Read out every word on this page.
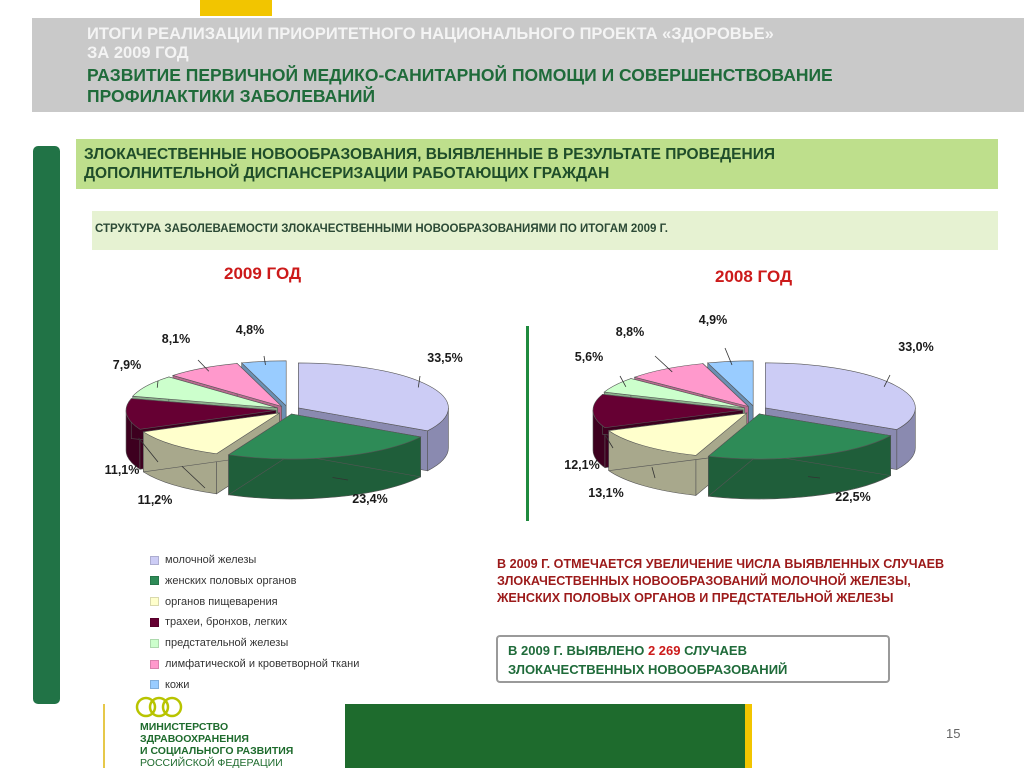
ИТОГИ РЕАЛИЗАЦИИ ПРИОРИТЕТНОГО НАЦИОНАЛЬНОГО ПРОЕКТА «ЗДОРОВЬЕ»
ЗА 2009 ГОД
РАЗВИТИЕ ПЕРВИЧНОЙ МЕДИКО-САНИТАРНОЙ ПОМОЩИ И СОВЕРШЕНСТВОВАНИЕ
ПРОФИЛАКТИКИ ЗАБОЛЕВАНИЙ
ЗЛОКАЧЕСТВЕННЫЕ НОВООБРАЗОВАНИЯ, ВЫЯВЛЕННЫЕ В РЕЗУЛЬТАТЕ ПРОВЕДЕНИЯ
ДОПОЛНИТЕЛЬНОЙ ДИСПАНСЕРИЗАЦИИ РАБОТАЮЩИХ ГРАЖДАН
СТРУКТУРА ЗАБОЛЕВАЕМОСТИ ЗЛОКАЧЕСТВЕННЫМИ НОВООБРАЗОВАНИЯМИ ПО ИТОГАМ 2009 Г.
2009 ГОД	2008 ГОД
33,5%
23,4%
11,2%
11,1%
7,9%
8,1%
4,8%
33,0%
22,5%
13,1%
12,1%
5,6%
8,8%
4,9%
молочной железы
женских половых органов
органов пищеварения
трахеи, бронхов, легких
предстательной железы
лимфатической и кроветворной ткани
кожи
В 2009 Г. ОТМЕЧАЕТСЯ УВЕЛИЧЕНИЕ ЧИСЛА ВЫЯВЛЕННЫХ СЛУЧАЕВ ЗЛОКАЧЕСТВЕННЫХ НОВООБРАЗОВАНИЙ МОЛОЧНОЙ ЖЕЛЕЗЫ, ЖЕНСКИХ ПОЛОВЫХ ОРГАНОВ И ПРЕДСТАТЕЛЬНОЙ ЖЕЛЕЗЫ
В 2009 Г. ВЫЯВЛЕНО 2 269 СЛУЧАЕВ
ЗЛОКАЧЕСТВЕННЫХ НОВООБРАЗОВАНИЙ
МИНИСТЕРСТВО
ЗДРАВООХРАНЕНИЯ
И СОЦИАЛЬНОГО РАЗВИТИЯ
РОССИЙСКОЙ ФЕДЕРАЦИИ
15
